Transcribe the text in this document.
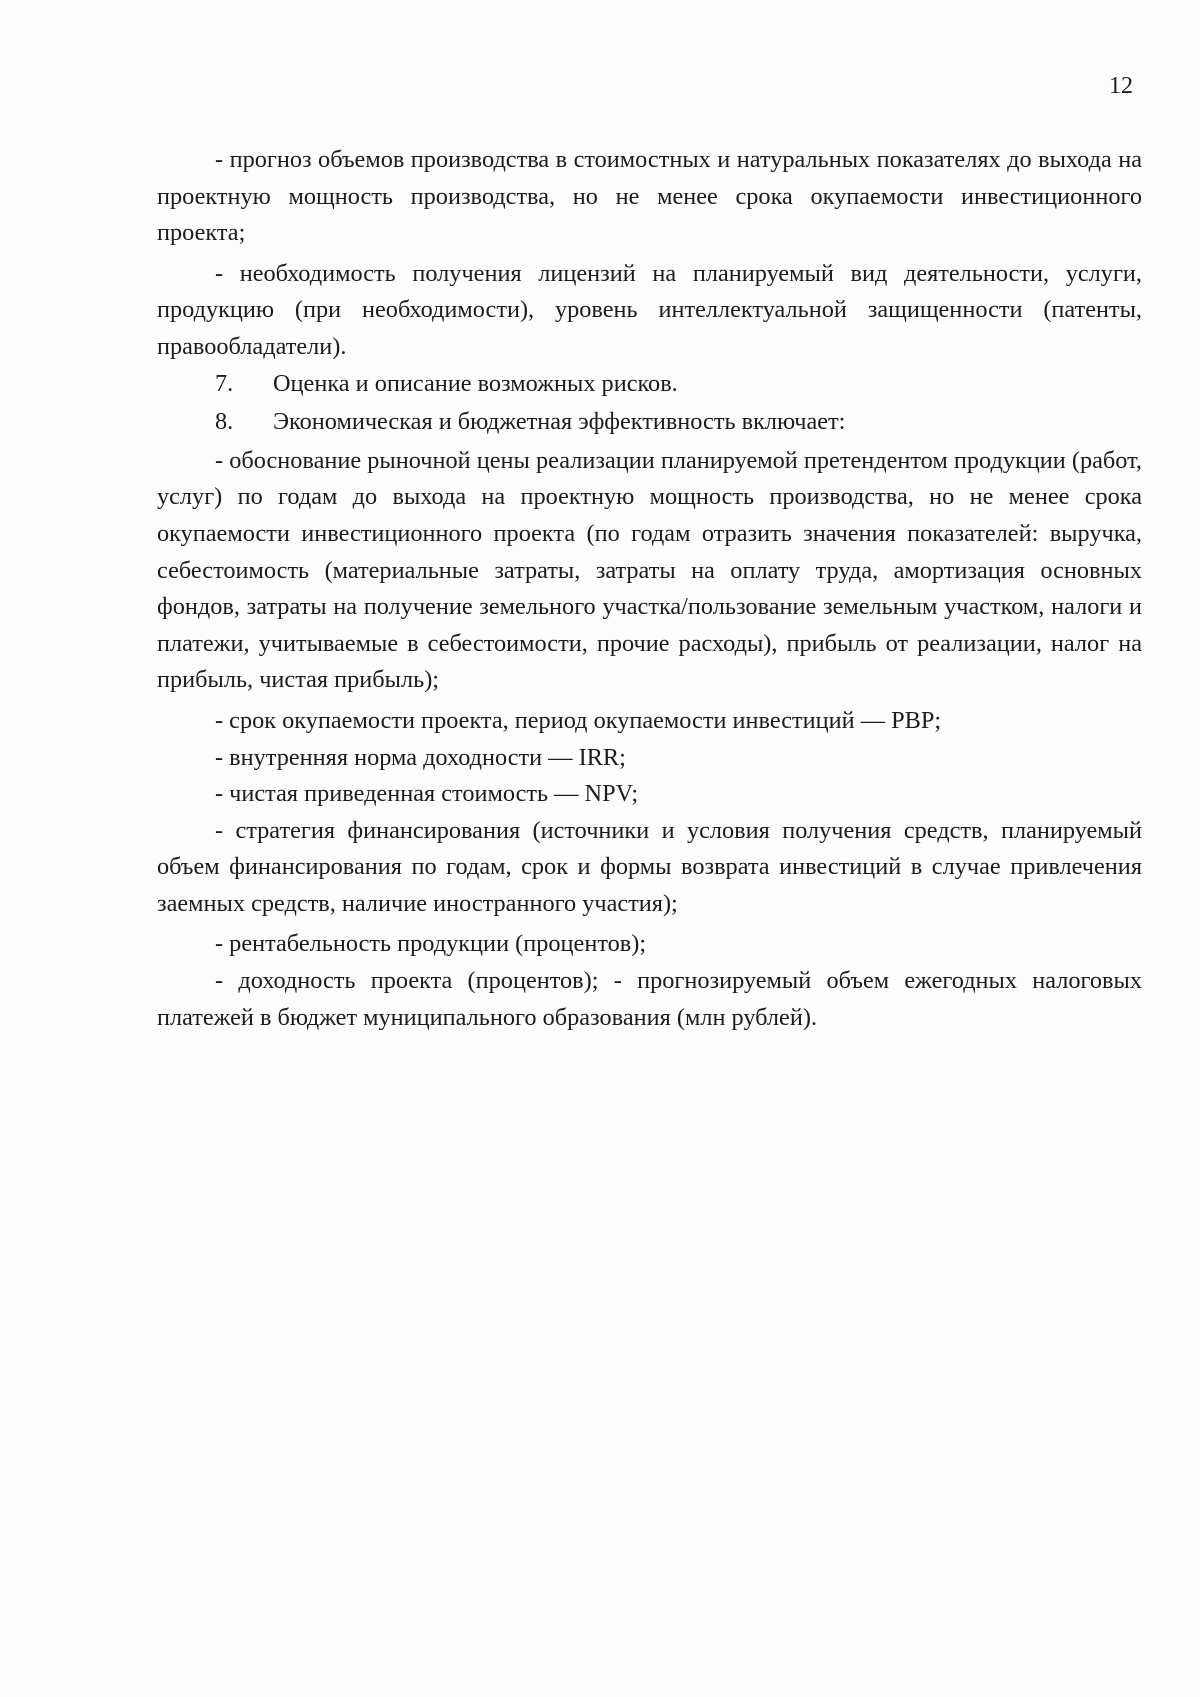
12

- прогноз объемов производства в стоимостных и натуральных показателях до выхода на проектную мощность производства, но не менее срока окупаемости инвестиционного проекта;

- необходимость получения лицензий на планируемый вид деятельности, услуги, продукцию (при необходимости), уровень интеллектуальной защищенности (патенты, правообладатели).

7.	Оценка и описание возможных рисков.
8.	Экономическая и бюджетная эффективность включает:

- обоснование рыночной цены реализации планируемой претендентом продукции (работ, услуг) по годам до выхода на проектную мощность производства, но не менее срока окупаемости инвестиционного проекта (по годам отразить значения показателей: выручка, себестоимость (материальные затраты, затраты на оплату труда, амортизация основных фондов, затраты на получение земельного участка/пользование земельным участком, налоги и платежи, учитываемые в себестоимости, прочие расходы), прибыль от реализации, налог на прибыль, чистая прибыль);

- срок окупаемости проекта, период окупаемости инвестиций — PBP;

- внутренняя норма доходности — IRR;

- чистая приведенная стоимость — NPV;

- стратегия финансирования (источники и условия получения средств, планируемый объем финансирования по годам, срок и формы возврата инвестиций в случае привлечения заемных средств, наличие иностранного участия);

- рентабельность продукции (процентов);

- доходность проекта (процентов); - прогнозируемый объем ежегодных налоговых платежей в бюджет муниципального образования (млн рублей).
